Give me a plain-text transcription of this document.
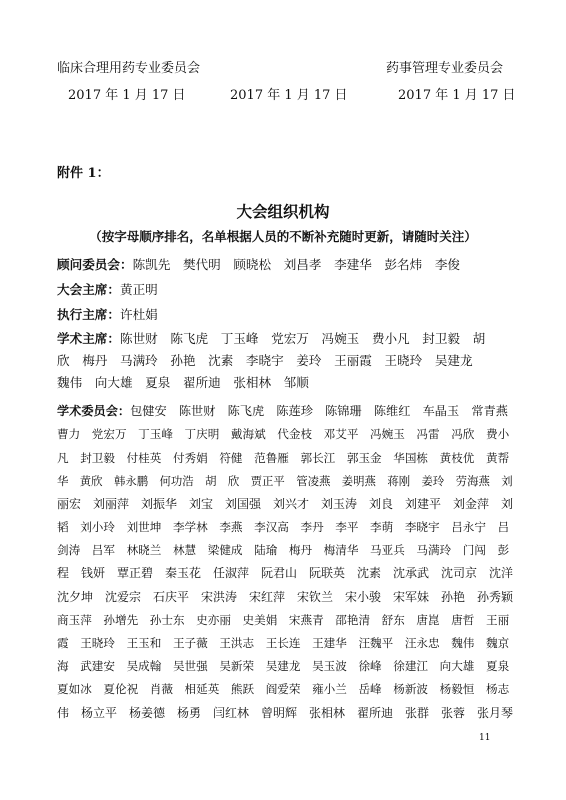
临床合理用药专业委员会	药事管理专业委员会
2017 年 1 月 17 日	2017 年 1 月 17 日	2017 年 1 月 17 日
附件 1：
大会组织机构
（按字母顺序排名，名单根据人员的不断补充随时更新，请随时关注）
顾问委员会：陈凯先　樊代明　顾晓松　刘昌孝　李建华　彭名炜　李俊
大会主席：黄正明
执行主席：许杜娟
学术主席：陈世财　陈飞虎　丁玉峰　党宏万　冯婉玉　费小凡　封卫毅　胡
欣　梅丹　马满玲　孙艳　沈素　李晓宇　姜玲　王丽霞　王晓玲　吴建龙
魏伟　向大雄　夏泉　翟所迪　张相林　邹顺
学术委员会：包健安　陈世财　陈飞虎　陈莲珍　陈锦珊　陈维红　车晶玉　常青燕
曹力　党宏万　丁玉峰　丁庆明　戴海斌　代金枝　邓艾平　冯婉玉　冯雷　冯欣　费小
凡　封卫毅　付桂英　付秀娟　符健　范鲁雁　郭长江　郭玉金　华国栋　黄枝优　黄帮
华　黄欣　韩永鹏　何功浩　胡　欣　贾正平　管凌燕　姜明燕　蒋刚　姜玲　劳海燕　刘
丽宏　刘丽萍　刘振华　刘宝　刘国强　刘兴才　刘玉涛　刘良　刘建平　刘金萍　刘
韬　刘小玲　刘世坤　李学林　李燕　李汉高　李丹　李平　李萌　李晓宇　吕永宁　吕
剑涛　吕军　林晓兰　林慧　梁健成　陆瑜　梅丹　梅清华　马亚兵　马满玲　门闯　彭
程　钱妍　覃正碧　秦玉花　任淑萍　阮君山　阮联英　沈素　沈承武　沈司京　沈洋
沈夕坤　沈爱宗　石庆平　宋洪涛　宋红萍　宋钦兰　宋小骏　宋军妹　孙艳　孙秀颖
商玉萍　孙增先　孙士东　史亦丽　史美娟　宋燕青　邵艳清　舒东　唐崑　唐哲　王丽
霞　王晓玲　王玉和　王子薇　王洪志　王长连　王建华　汪魏平　汪永忠　魏伟　魏京
海　武建安　吴成翰　吴世强　吴新荣　吴建龙　吴玉波　徐峰　徐建江　向大雄　夏泉
夏如冰　夏伦祝　肖薇　相延英　熊跃　阎爱荣　雍小兰　岳峰　杨新波　杨毅恒　杨志
伟　杨立平　杨姜德　杨勇　闫红林　曾明辉　张相林　翟所迪　张群　张蓉　张月琴
11
